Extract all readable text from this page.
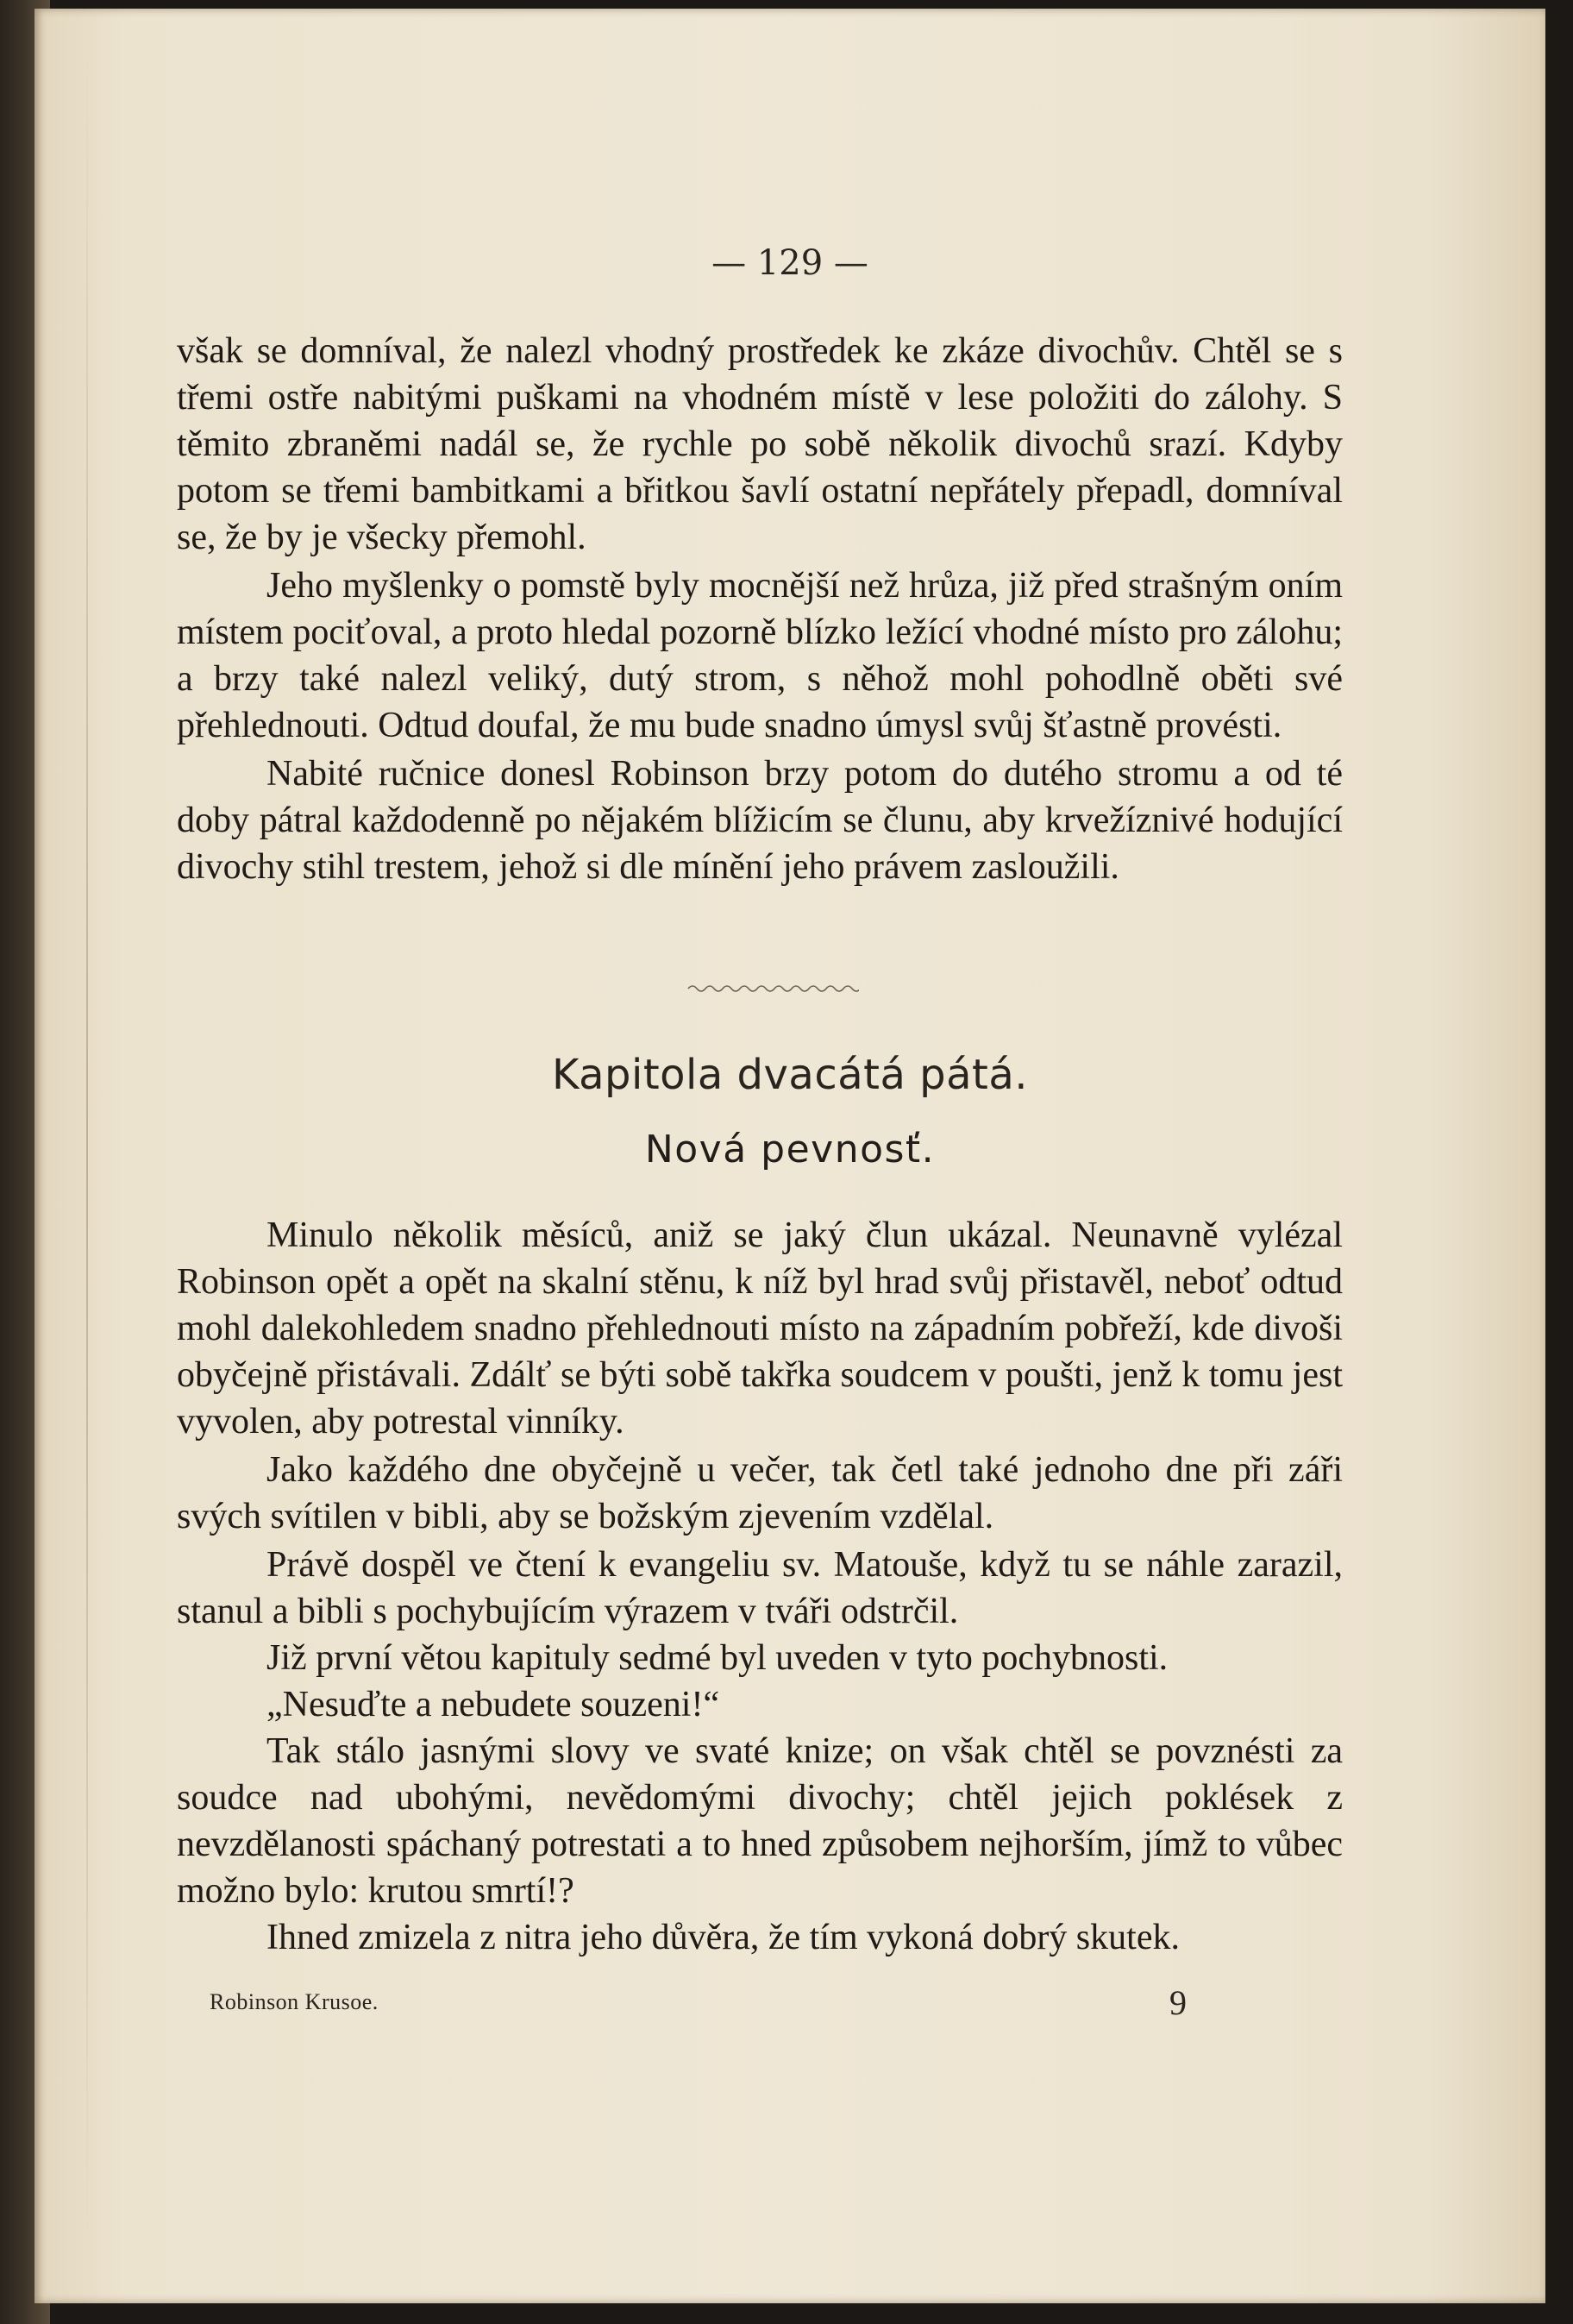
— 129 —

však se domníval, že nalezl vhodný prostředek ke zkáze divochův. Chtěl se s třemi ostře nabitými puškami na vhodném místě v lese položiti do zálohy. S těmito zbraněmi nadál se, že rychle po sobě několik divochů srazí. Kdyby potom se třemi bambitkami a břitkou šavlí ostatní nepřátely přepadl, domníval se, že by je všecky přemohl.

Jeho myšlenky o pomstě byly mocnější než hrůza, již před strašným oním místem pociťoval, a proto hledal pozorně blízko ležící vhodné místo pro zálohu; a brzy také nalezl veliký, dutý strom, s něhož mohl pohodlně oběti své přehlednouti. Odtud doufal, že mu bude snadno úmysl svůj šťastně provésti.

Nabité ručnice donesl Robinson brzy potom do dutého stromu a od té doby pátral každodenně po nějakém blížicím se člunu, aby krvežíznivé hodující divochy stihl trestem, jehož si dle mínění jeho právem zasloužili.

Kapitola dvacátá pátá.
Nová pevnosť.

Minulo několik měsíců, aniž se jaký člun ukázal. Neunavně vylézal Robinson opět a opět na skalní stěnu, k níž byl hrad svůj přistavěl, neboť odtud mohl dalekohledem snadno přehlednouti místo na západním pobřeží, kde divoši obyčejně přistávali. Zdálť se býti sobě takřka soudcem v poušti, jenž k tomu jest vyvolen, aby potrestal vinníky.

Jako každého dne obyčejně u večer, tak četl také jednoho dne při záři svých svítilen v bibli, aby se božským zjevením vzdělal.

Právě dospěl ve čtení k evangeliu sv. Matouše, když tu se náhle zarazil, stanul a bibli s pochybujícím výrazem v tváři odstrčil.

Již první větou kapituly sedmé byl uveden v tyto pochybnosti.

„Nesuďte a nebudete souzeni!“

Tak stálo jasnými slovy ve svaté knize; on však chtěl se povznésti za soudce nad ubohými, nevědomými divochy; chtěl jejich poklések z nevzdělanosti spáchaný potrestati a to hned způsobem nejhorším, jímž to vůbec možno bylo: krutou smrtí!?

Ihned zmizela z nitra jeho důvěra, že tím vykoná dobrý skutek.

Robinson Krusoe.	9
